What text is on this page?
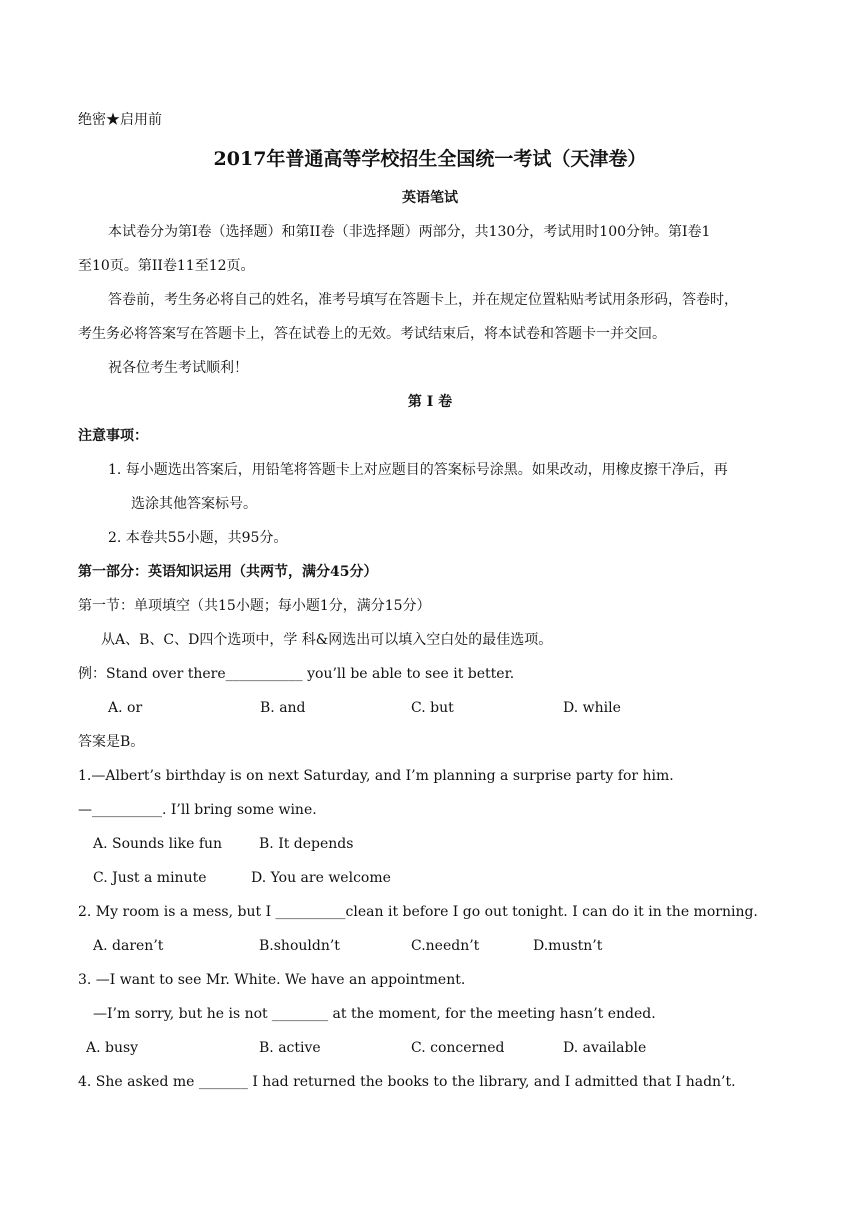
绝密★启用前
2017年普通高等学校招生全国统一考试（天津卷）
英语笔试
本试卷分为第I卷（选择题）和第II卷（非选择题）两部分，共130分，考试用时100分钟。第I卷1
至10页。第II卷11至12页。
答卷前，考生务必将自己的姓名，准考号填写在答题卡上，并在规定位置粘贴考试用条形码，答卷时，
考生务必将答案写在答题卡上，答在试卷上的无效。考试结束后，将本试卷和答题卡一并交回。
祝各位考生考试顺利！
第 I 卷
注意事项：
1. 每小题选出答案后，用铅笔将答题卡上对应题目的答案标号涂黑。如果改动，用橡皮擦干净后，再
选涂其他答案标号。
2. 本卷共55小题，共95分。
第一部分：英语知识运用（共两节，满分45分）
第一节：单项填空（共15小题；每小题1分，满分15分）
从A、B、C、D四个选项中，学 科&网选出可以填入空白处的最佳选项。
例：Stand over there___________ you’ll be able to see it better.
A. or	B. and	C. but	D. while
答案是B。
1.—Albert’s birthday is on next Saturday, and I’m planning a surprise party for him.
—__________. I’ll bring some wine.
A. Sounds like fun	B. It depends
C. Just a minute	D. You are welcome
2. My room is a mess, but I __________clean it before I go out tonight. I can do it in the morning.
A. daren’t	B.shouldn’t	C.needn’t	D.mustn’t
3. —I want to see Mr. White. We have an appointment.
—I’m sorry, but he is not ________ at the moment, for the meeting hasn’t ended.
A. busy	B. active	C. concerned	D. available
4. She asked me _______ I had returned the books to the library, and I admitted that I hadn’t.
